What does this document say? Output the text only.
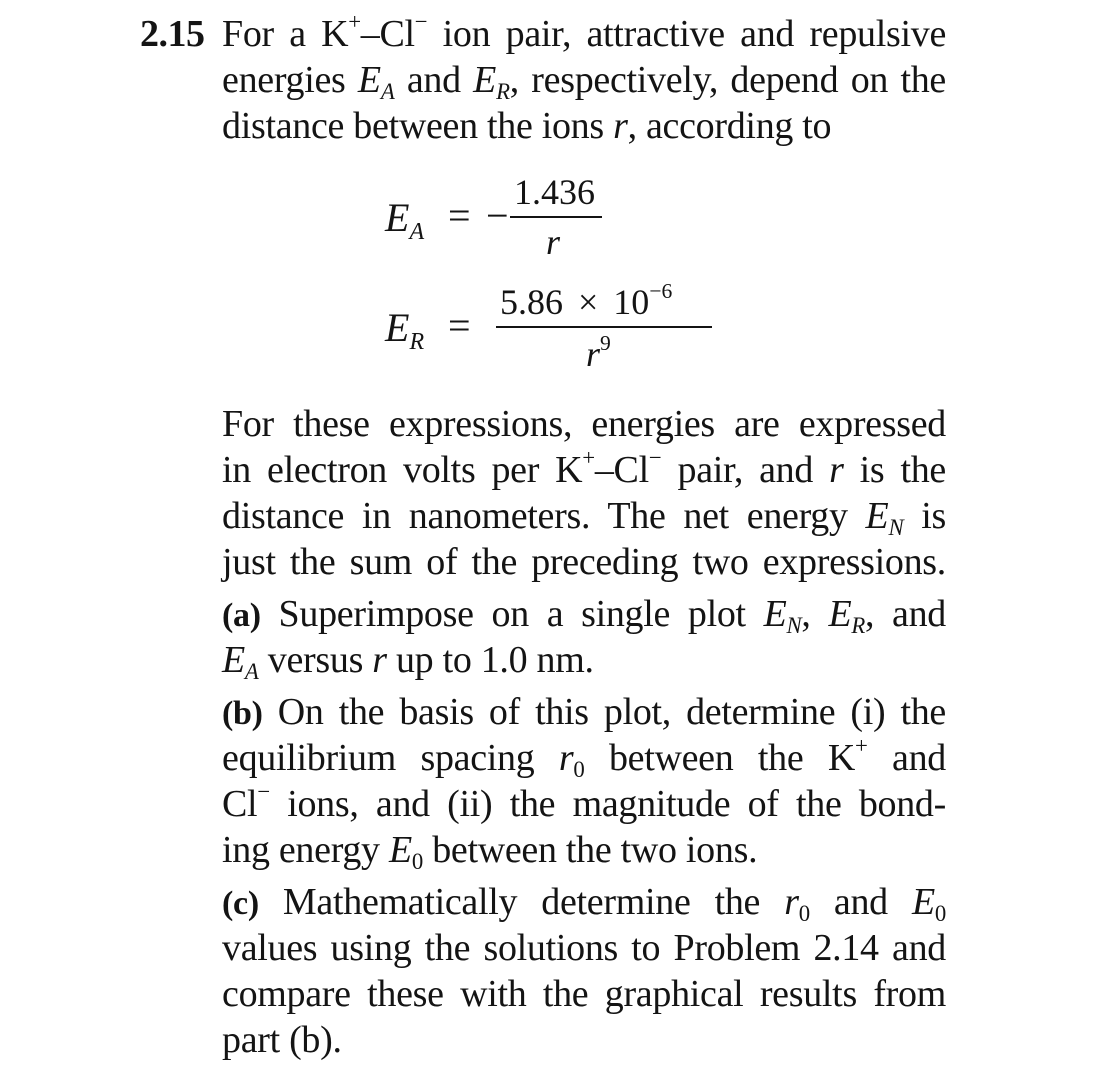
2.15 For a K+–Cl− ion pair, attractive and repulsive
energies $E_A$ and $E_R$, respectively, depend on the
distance between the ions r, according to
$E_A$ = −
1.436
r
$E_R$ =
$5.86 \times 10^{-6}$
$r^9$
For these expressions, energies are expressed
in electron volts per K+–Cl− pair, and r is the
distance in nanometers. The net energy $E_N$ is
just the sum of the preceding two expressions.
(a) Superimpose on a single plot $E_N$, $E_R$, and
$E_A$ versus r up to 1.0 nm.
(b) On the basis of this plot, determine (i) the
equilibrium spacing $r_0$ between the K+ and
Cl− ions, and (ii) the magnitude of the bond-
ing energy $E_0$ between the two ions.
(c) Mathematically determine the $r_0$ and $E_0$
values using the solutions to Problem 2.14 and
compare these with the graphical results from
part (b).
